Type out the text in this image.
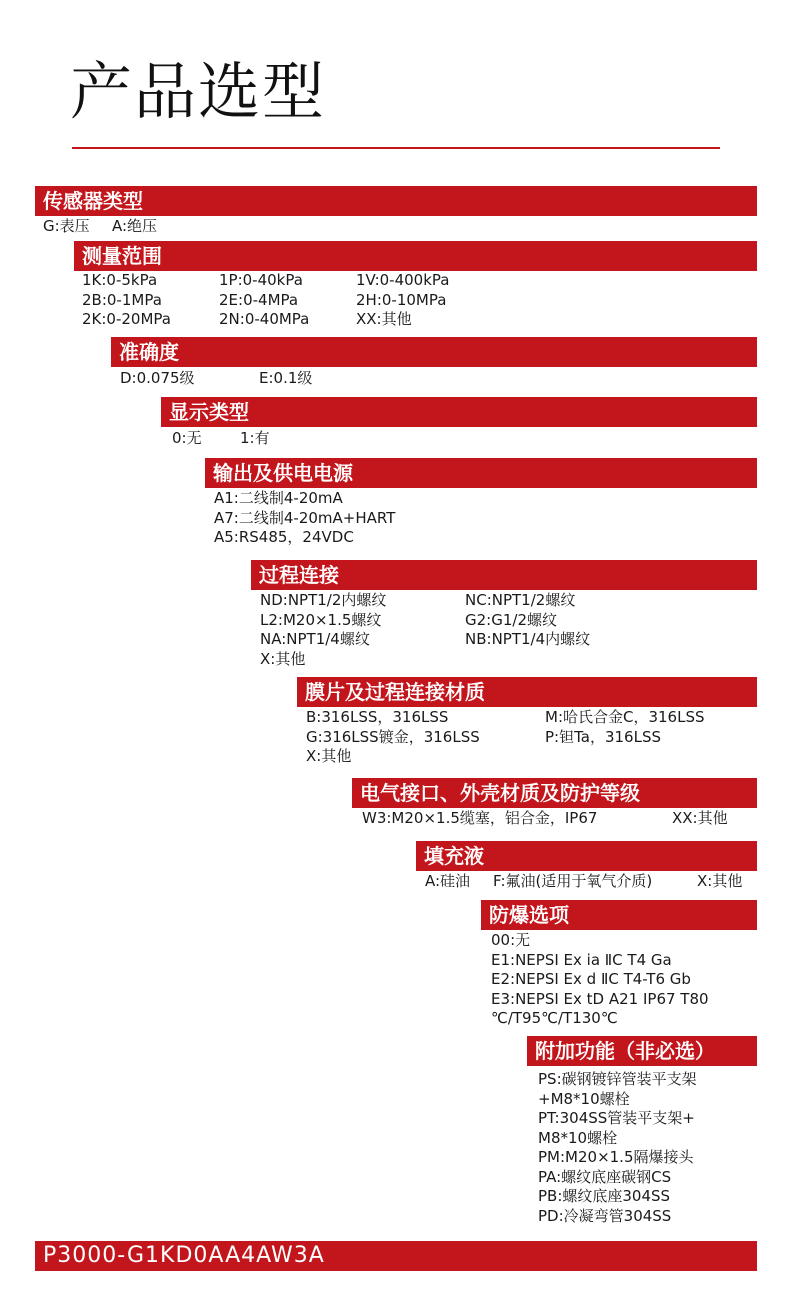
产品选型
传感器类型
G:表压	A:绝压
测量范围
1K:0-5kPa	1P:0-40kPa	1V:0-400kPa
2B:0-1MPa	2E:0-4MPa	2H:0-10MPa
2K:0-20MPa	2N:0-40MPa	XX:其他
准确度
D:0.075级	E:0.1级
显示类型
0:无	1:有
输出及供电电源
A1:二线制4-20mA
A7:二线制4-20mA+HART
A5:RS485，24VDC
过程连接
ND:NPT1/2内螺纹	NC:NPT1/2螺纹
L2:M20×1.5螺纹	G2:G1/2螺纹
NA:NPT1/4螺纹	NB:NPT1/4内螺纹
X:其他
膜片及过程连接材质
B:316LSS，316LSS	M:哈氏合金C，316LSS
G:316LSS镀金，316LSS	P:钽Ta，316LSS
X:其他
电气接口、外壳材质及防护等级
W3:M20×1.5缆塞，铝合金，IP67	XX:其他
填充液
A:硅油	F:氟油(适用于氧气介质)	X:其他
防爆选项
00:无
E1:NEPSI Ex ia ⅡC T4 Ga
E2:NEPSI Ex d ⅡC T4-T6 Gb
E3:NEPSI Ex tD A21 IP67 T80
℃/T95℃/T130℃
附加功能（非必选）
PS:碳钢镀锌管装平支架
+M8*10螺栓
PT:304SS管装平支架+
M8*10螺栓
PM:M20×1.5隔爆接头
PA:螺纹底座碳钢CS
PB:螺纹底座304SS
PD:冷凝弯管304SS
P3000-G1KD0AA4AW3A
